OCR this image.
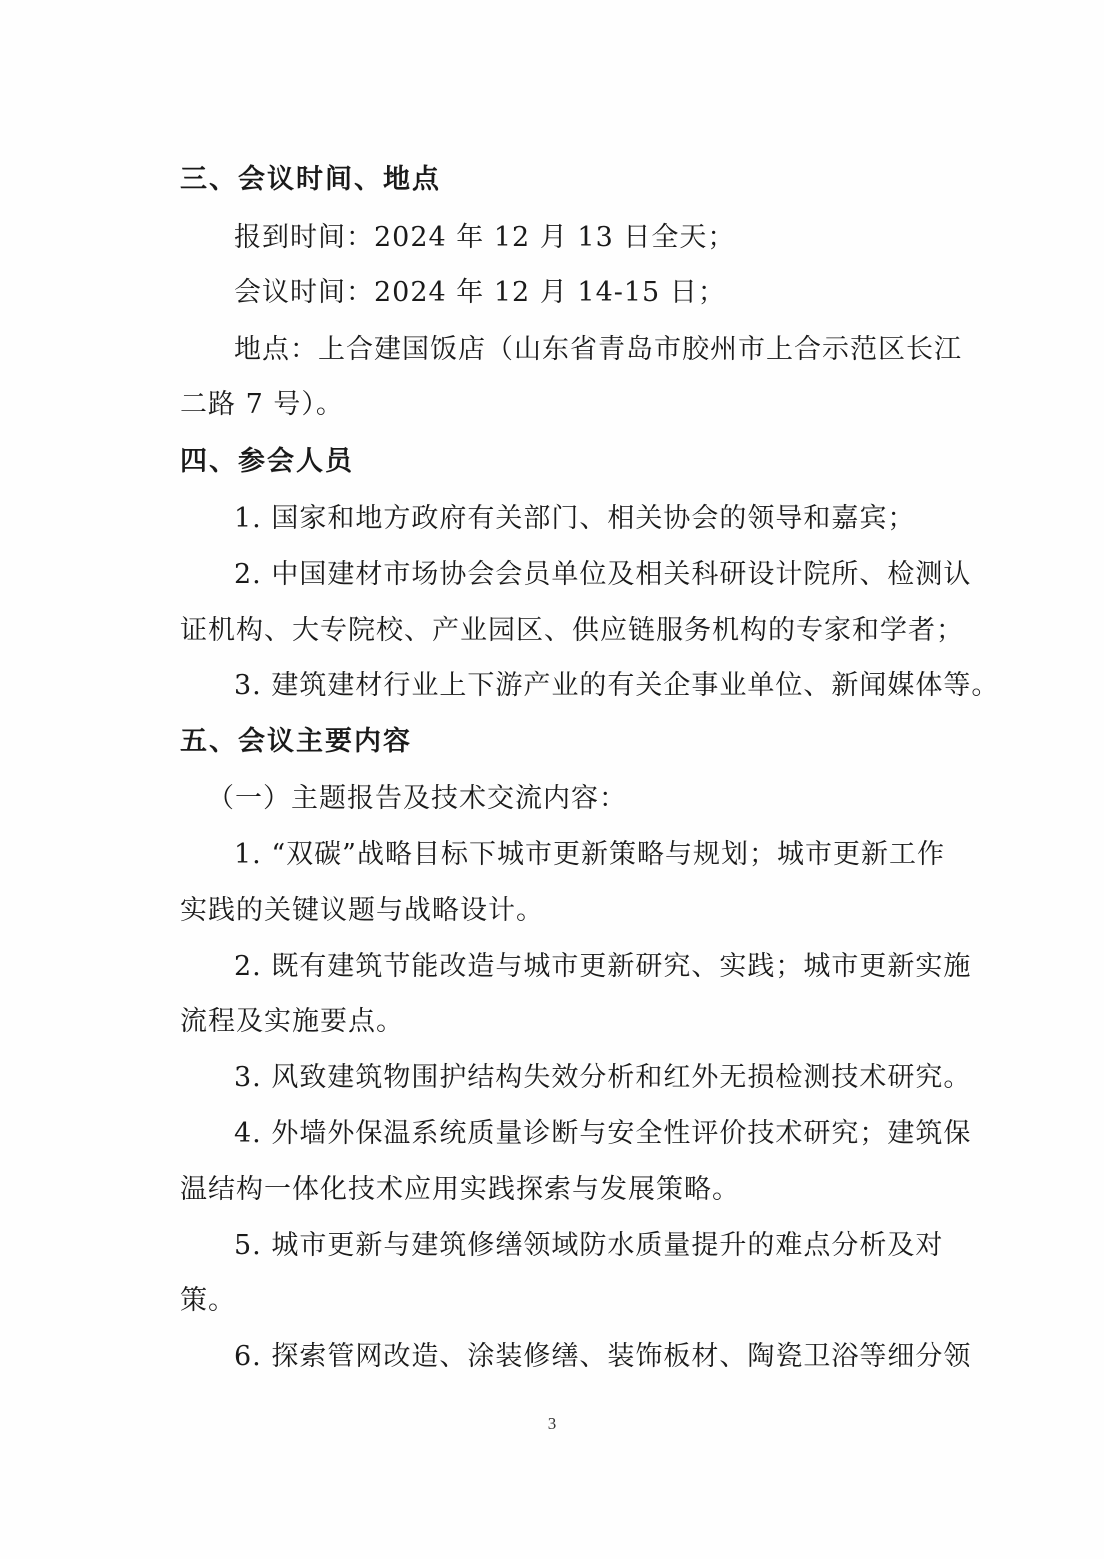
三、会议时间、地点
报到时间：2024 年 12 月 13 日全天；
会议时间：2024 年 12 月 14-15 日；
地点：上合建国饭店（山东省青岛市胶州市上合示范区长江
二路 7 号）。
四、参会人员
1. 国家和地方政府有关部门、相关协会的领导和嘉宾；
2. 中国建材市场协会会员单位及相关科研设计院所、检测认
证机构、大专院校、产业园区、供应链服务机构的专家和学者；
3. 建筑建材行业上下游产业的有关企事业单位、新闻媒体等。
五、会议主要内容
（一）主题报告及技术交流内容：
1. “双碳”战略目标下城市更新策略与规划；城市更新工作
实践的关键议题与战略设计。
2. 既有建筑节能改造与城市更新研究、实践；城市更新实施
流程及实施要点。
3. 风致建筑物围护结构失效分析和红外无损检测技术研究。
4. 外墙外保温系统质量诊断与安全性评价技术研究；建筑保
温结构一体化技术应用实践探索与发展策略。
5. 城市更新与建筑修缮领域防水质量提升的难点分析及对
策。
6. 探索管网改造、涂装修缮、装饰板材、陶瓷卫浴等细分领
3
